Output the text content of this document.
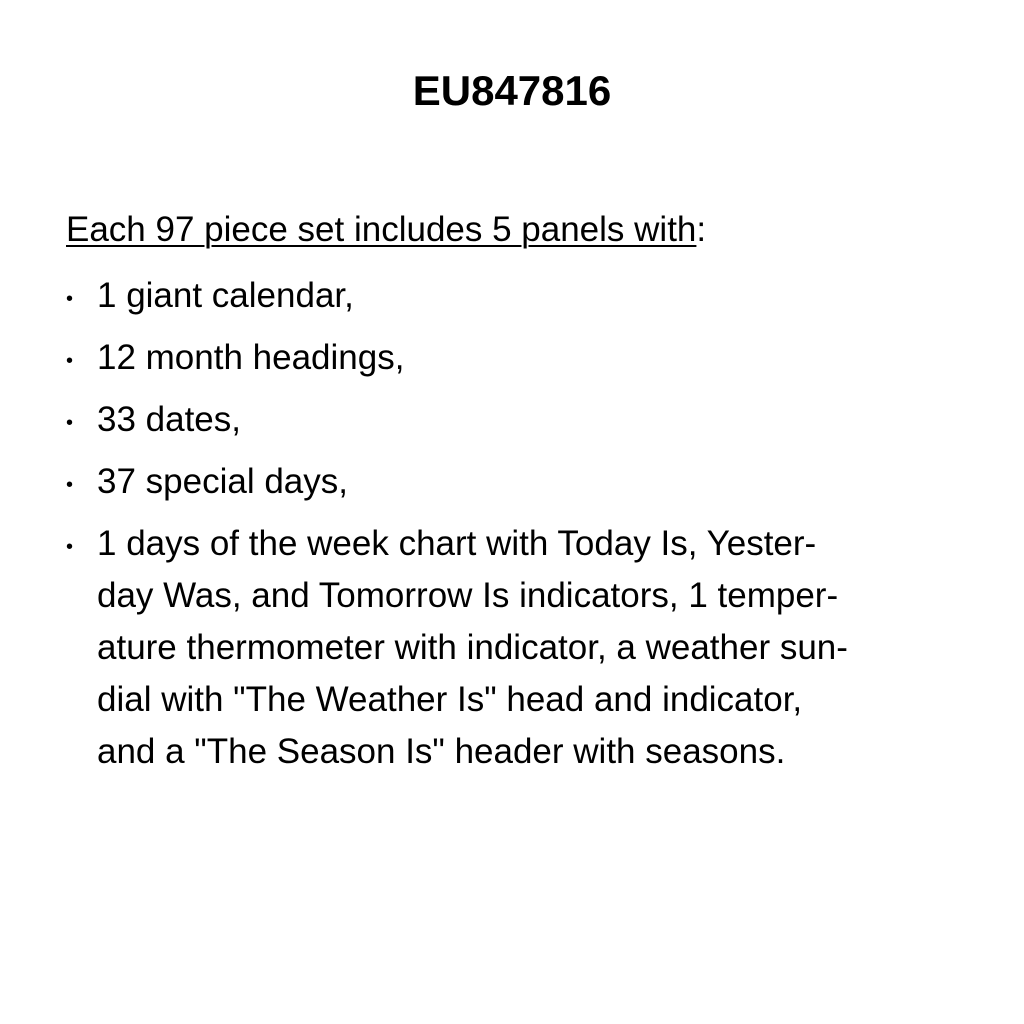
EU847816
Each 97 piece set includes 5 panels with:
• 1 giant calendar,
• 12 month headings,
• 33 dates,
• 37 special days,
• 1 days of the week chart with Today Is, Yester-
day Was, and Tomorrow Is indicators, 1 temper-
ature thermometer with indicator, a weather sun-
dial with "The Weather Is" head and indicator,
and a "The Season Is" header with seasons.
